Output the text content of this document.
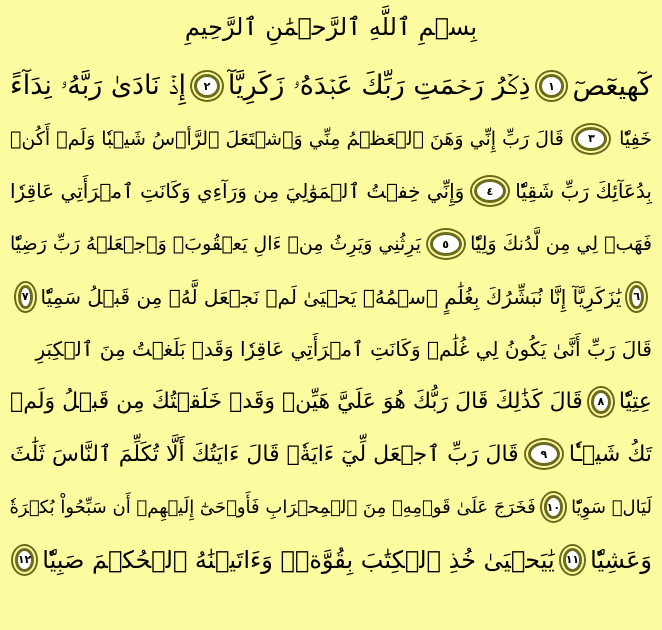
بِسۡمِ ٱللَّهِ ٱلرَّحۡمَٰنِ ٱلرَّحِيمِ
كٓهيعٓصٓ
١
ذِكۡرُ رَحۡمَتِ رَبِّكَ عَبۡدَهُۥ زَكَرِيَّآ
٢
إِذۡ نَادَىٰ رَبَّهُۥ نِدَآءً
خَفِيّٗا
٣
قَالَ رَبِّ إِنِّي وَهَنَ ٱلۡعَظۡمُ مِنِّي وَٱشۡتَعَلَ ٱلرَّأۡسُ شَيۡبٗا وَلَمۡ أَكُنۢ
بِدُعَآئِكَ رَبِّ شَقِيّٗا
٤
وَإِنِّي خِفۡتُ ٱلۡمَوَٰلِيَ مِن وَرَآءِي وَكَانَتِ ٱمۡرَأَتِي عَاقِرٗا
فَهَبۡ لِي مِن لَّدُنكَ وَلِيّٗا
٥
يَرِثُنِي وَيَرِثُ مِنۡ ءَالِ يَعۡقُوبَۖ وَٱجۡعَلۡهُ رَبِّ رَضِيّٗا
٦
يَٰزَكَرِيَّآ إِنَّا نُبَشِّرُكَ بِغُلَٰمٍ ٱسۡمُهُۥ يَحۡيَىٰ لَمۡ نَجۡعَل لَّهُۥ مِن قَبۡلُ سَمِيّٗا
٧
قَالَ رَبِّ أَنَّىٰ يَكُونُ لِي غُلَٰمٞ وَكَانَتِ ٱمۡرَأَتِي عَاقِرٗا وَقَدۡ بَلَغۡتُ مِنَ ٱلۡكِبَرِ
عِتِيّٗا
٨
قَالَ كَذَٰلِكَ قَالَ رَبُّكَ هُوَ عَلَيَّ هَيِّنٞ وَقَدۡ خَلَقۡتُكَ مِن قَبۡلُ وَلَمۡ
تَكُ شَيۡـٔٗا
٩
قَالَ رَبِّ ٱجۡعَل لِّيٓ ءَايَةٗۖ قَالَ ءَايَتُكَ أَلَّا تُكَلِّمَ ٱلنَّاسَ ثَلَٰثَ
لَيَالٖ سَوِيّٗا
١٠
فَخَرَجَ عَلَىٰ قَوۡمِهِۦ مِنَ ٱلۡمِحۡرَابِ فَأَوۡحَىٰٓ إِلَيۡهِمۡ أَن سَبِّحُواْ بُكۡرَةٗ
وَعَشِيّٗا
١١
يَٰيَحۡيَىٰ خُذِ ٱلۡكِتَٰبَ بِقُوَّةٖۖ وَءَاتَيۡنَٰهُ ٱلۡحُكۡمَ صَبِيّٗا
١٢
